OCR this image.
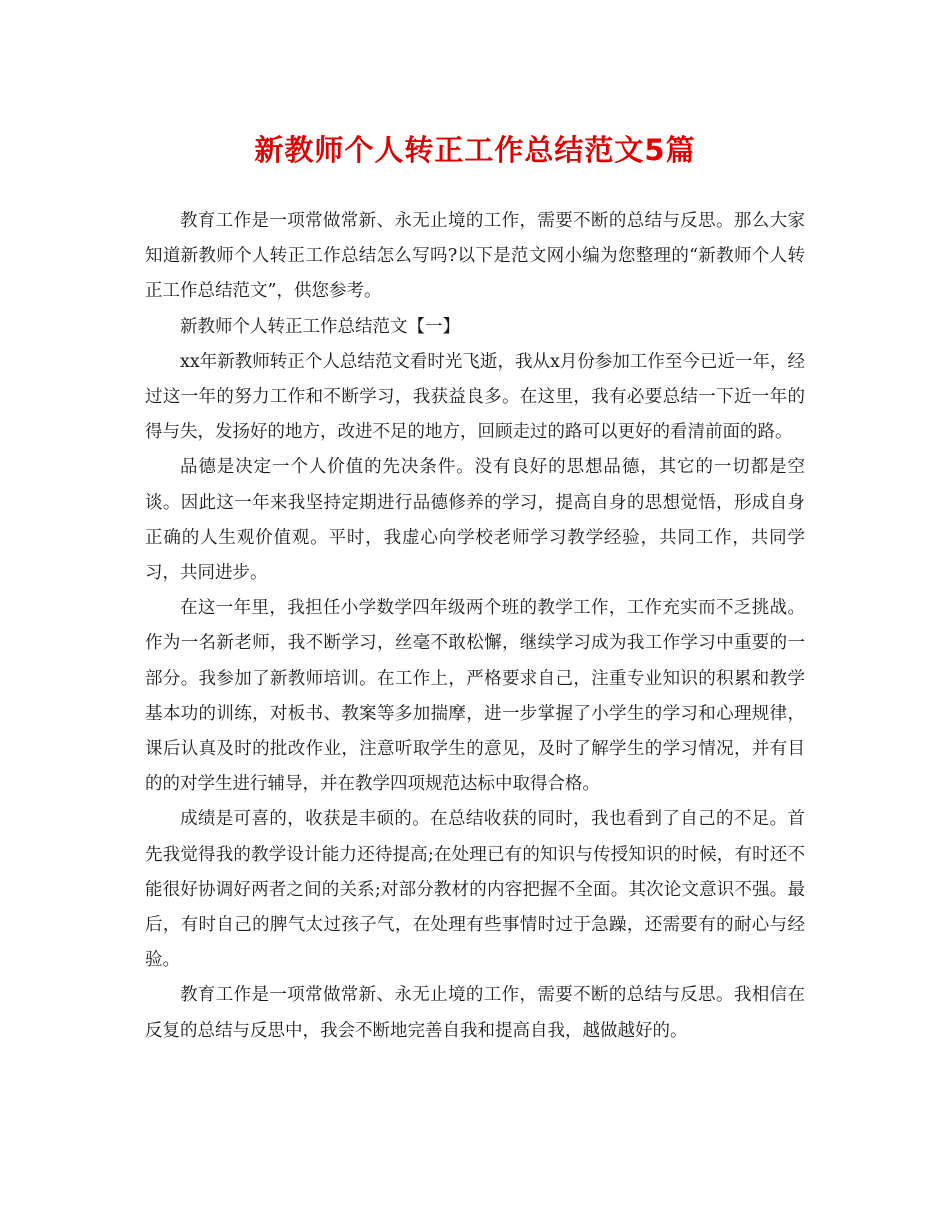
新教师个人转正工作总结范文5篇

教育工作是一项常做常新、永无止境的工作，需要不断的总结与反思。那么大家知道新教师个人转正工作总结怎么写吗?以下是范文网小编为您整理的“新教师个人转正工作总结范文”，供您参考。

新教师个人转正工作总结范文【一】

xx年新教师转正个人总结范文看时光飞逝，我从x月份参加工作至今已近一年，经过这一年的努力工作和不断学习，我获益良多。在这里，我有必要总结一下近一年的得与失，发扬好的地方，改进不足的地方，回顾走过的路可以更好的看清前面的路。

品德是决定一个人价值的先决条件。没有良好的思想品德，其它的一切都是空谈。因此这一年来我坚持定期进行品德修养的学习，提高自身的思想觉悟，形成自身正确的人生观价值观。平时，我虚心向学校老师学习教学经验，共同工作，共同学习，共同进步。

在这一年里，我担任小学数学四年级两个班的教学工作，工作充实而不乏挑战。作为一名新老师，我不断学习，丝毫不敢松懈，继续学习成为我工作学习中重要的一部分。我参加了新教师培训。在工作上，严格要求自己，注重专业知识的积累和教学基本功的训练，对板书、教案等多加揣摩，进一步掌握了小学生的学习和心理规律，课后认真及时的批改作业，注意听取学生的意见，及时了解学生的学习情况，并有目的的对学生进行辅导，并在教学四项规范达标中取得合格。

成绩是可喜的，收获是丰硕的。在总结收获的同时，我也看到了自己的不足。首先我觉得我的教学设计能力还待提高;在处理已有的知识与传授知识的时候，有时还不能很好协调好两者之间的关系;对部分教材的内容把握不全面。其次论文意识不强。最后，有时自己的脾气太过孩子气，在处理有些事情时过于急躁，还需要有的耐心与经验。

教育工作是一项常做常新、永无止境的工作，需要不断的总结与反思。我相信在反复的总结与反思中，我会不断地完善自我和提高自我，越做越好的。
